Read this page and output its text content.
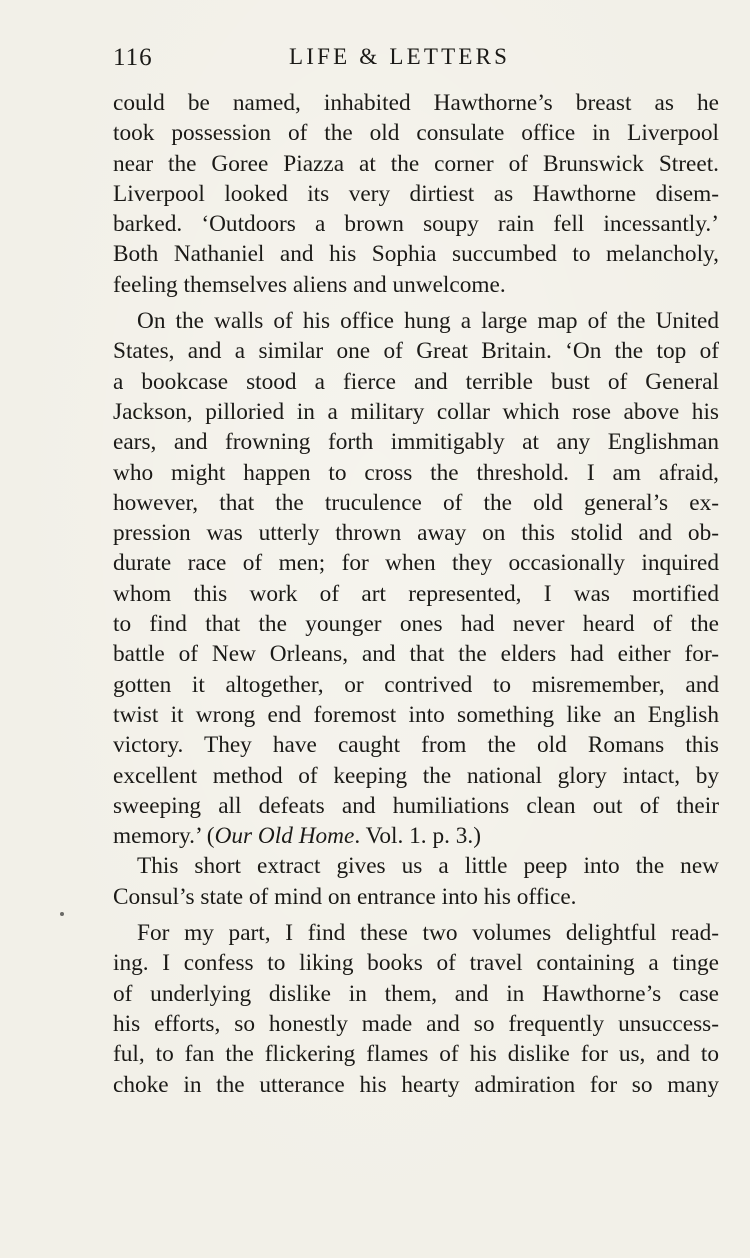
116	LIFE & LETTERS
could be named, inhabited Hawthorne’s breast as he
took possession of the old consulate office in Liverpool
near the Goree Piazza at the corner of Brunswick Street.
Liverpool looked its very dirtiest as Hawthorne disem-
barked. ‘Outdoors a brown soupy rain fell incessantly.’
Both Nathaniel and his Sophia succumbed to melancholy,
feeling themselves aliens and unwelcome.
On the walls of his office hung a large map of the United
States, and a similar one of Great Britain. ‘On the top of
a bookcase stood a fierce and terrible bust of General
Jackson, pilloried in a military collar which rose above his
ears, and frowning forth immitigably at any Englishman
who might happen to cross the threshold. I am afraid,
however, that the truculence of the old general’s ex-
pression was utterly thrown away on this stolid and ob-
durate race of men; for when they occasionally inquired
whom this work of art represented, I was mortified
to find that the younger ones had never heard of the
battle of New Orleans, and that the elders had either for-
gotten it altogether, or contrived to misremember, and
twist it wrong end foremost into something like an English
victory. They have caught from the old Romans this
excellent method of keeping the national glory intact, by
sweeping all defeats and humiliations clean out of their
memory.’ (Our Old Home. Vol. 1. p. 3.)
This short extract gives us a little peep into the new
Consul’s state of mind on entrance into his office.
For my part, I find these two volumes delightful read-
ing. I confess to liking books of travel containing a tinge
of underlying dislike in them, and in Hawthorne’s case
his efforts, so honestly made and so frequently unsuccess-
ful, to fan the flickering flames of his dislike for us, and to
choke in the utterance his hearty admiration for so many
